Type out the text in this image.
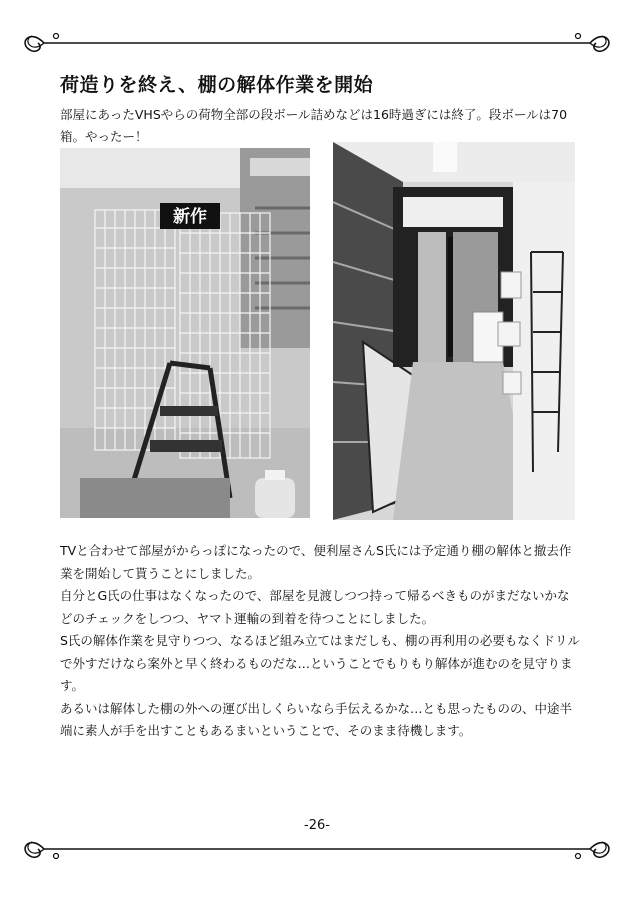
荷造りを終え、棚の解体作業を開始
部屋にあったVHSやらの荷物全部の段ボール詰めなどは16時過ぎには終了。段ボールは70箱。やったー！
新作

TVと合わせて部屋がからっぽになったので、便利屋さんS氏には予定通り棚の解体と撤去作業を開始して貰うことにしました。

自分とG氏の仕事はなくなったので、部屋を見渡しつつ持って帰るべきものがまだないかなどのチェックをしつつ、ヤマト運輸の到着を待つことにしました。

S氏の解体作業を見守りつつ、なるほど組み立てはまだしも、棚の再利用の必要もなくドリルで外すだけなら案外と早く終わるものだな…ということでもりもり解体が進むのを見守ります。

あるいは解体した棚の外への運び出しくらいなら手伝えるかな…とも思ったものの、中途半端に素人が手を出すこともあるまいということで、そのまま待機します。

-26-
